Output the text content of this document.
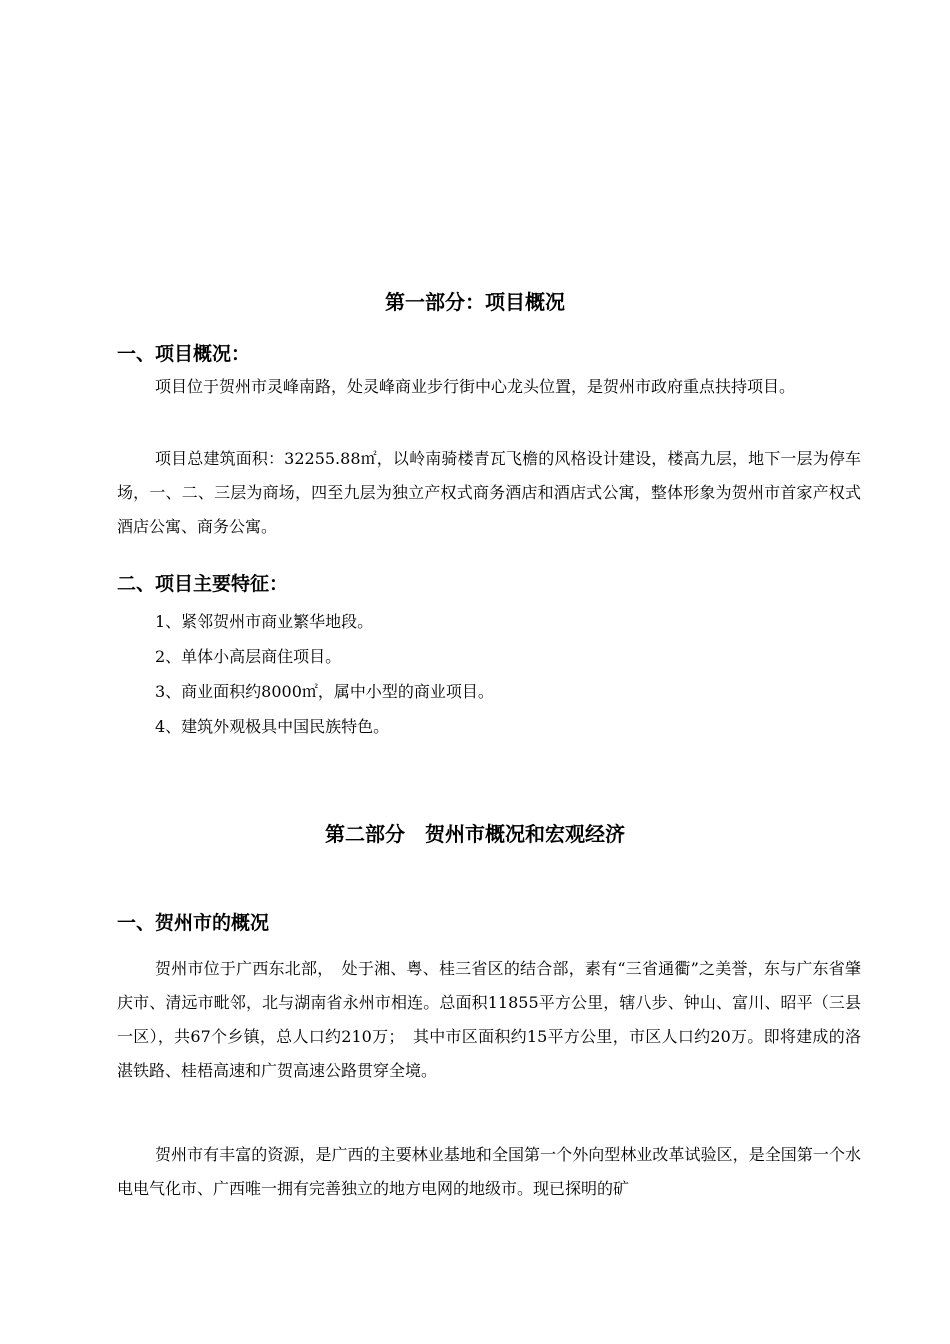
第一部分：项目概况
一、项目概况：

项目位于贺州市灵峰南路，处灵峰商业步行街中心龙头位置，是贺州市政府重点扶持项目。

项目总建筑面积：32255.88㎡，以岭南骑楼青瓦飞檐的风格设计建设，楼高九层，地下一层为停车场，一、二、三层为商场，四至九层为独立产权式商务酒店和酒店式公寓，整体形象为贺州市首家产权式酒店公寓、商务公寓。

二、项目主要特征：
1、紧邻贺州市商业繁华地段。
2、单体小高层商住项目。
3、商业面积约8000㎡，属中小型的商业项目。
4、建筑外观极具中国民族特色。
第二部分　贺州市概况和宏观经济
一、贺州市的概况

贺州市位于广西东北部，　处于湘、粤、桂三省区的结合部，素有“三省通衢”之美誉，东与广东省肇庆市、清远市毗邻，北与湖南省永州市相连。总面积11855平方公里，辖八步、钟山、富川、昭平（三县一区），共67个乡镇，总人口约210万；　其中市区面积约15平方公里，市区人口约20万。即将建成的洛湛铁路、桂梧高速和广贺高速公路贯穿全境。

贺州市有丰富的资源，是广西的主要林业基地和全国第一个外向型林业改革试验区，是全国第一个水电电气化市、广西唯一拥有完善独立的地方电网的地级市。现已探明的矿
